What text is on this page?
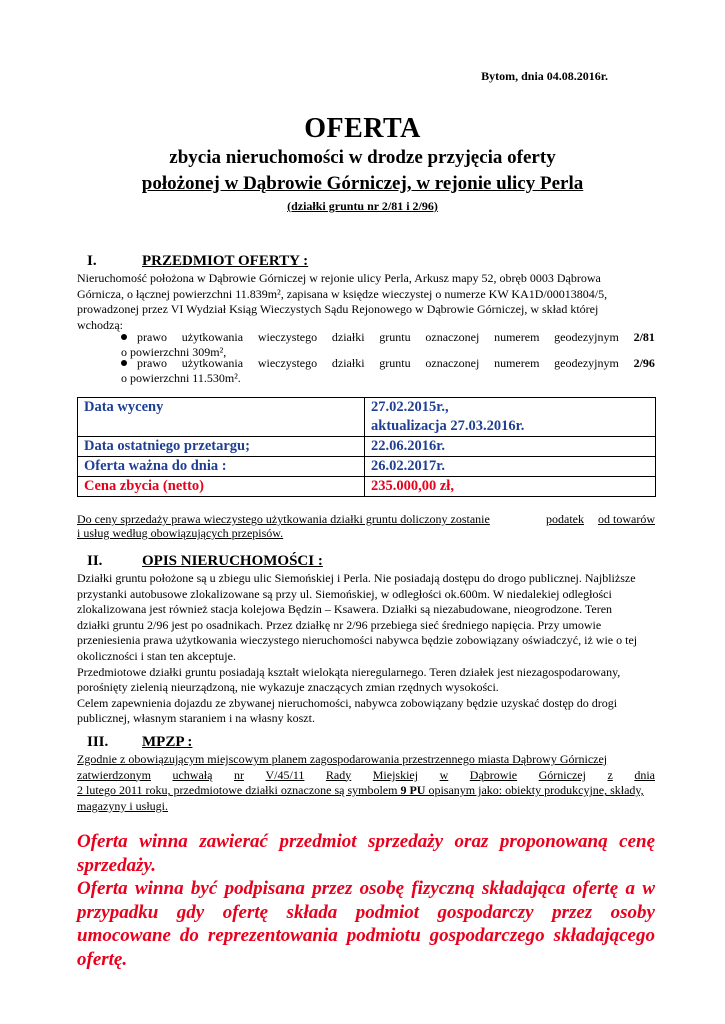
Bytom, dnia 04.08.2016r.
OFERTA
zbycia nieruchomości w drodze przyjęcia oferty
położonej w Dąbrowie Górniczej, w rejonie ulicy Perla
(działki gruntu nr 2/81 i 2/96)
I.	PRZEDMIOT OFERTY :
Nieruchomość położona w Dąbrowie Górniczej w rejonie ulicy Perla, Arkusz mapy 52, obręb 0003 Dąbrowa
Górnicza, o łącznej powierzchni 11.839m², zapisana w księdze wieczystej o numerze KW KA1D/00013804/5,
prowadzonej przez VI Wydział Ksiąg Wieczystych Sądu Rejonowego w Dąbrowie Górniczej, w skład której
wchodzą:
prawo użytkowania wieczystego działki gruntu oznaczonej numerem geodezyjnym 2/81
o powierzchni 309m²,
prawo użytkowania wieczystego działki gruntu oznaczonej numerem geodezyjnym 2/96
o powierzchni 11.530m².
Data wyceny	27.02.2015r.,
aktualizacja 27.03.2016r.

Data ostatniego przetargu;	22.06.2016r.
Oferta ważna do dnia :	26.02.2017r.
Cena zbycia (netto)	235.000,00 zł,
Do ceny sprzedaży prawa wieczystego użytkowania działki gruntu doliczony zostanie	podatek od towarów
i usług według obowiązujących przepisów.
II.	OPIS NIERUCHOMOŚCI :
Działki gruntu położone są u zbiegu ulic Siemońskiej i Perla. Nie posiadają dostępu do drogo publicznej. Najbliższe
przystanki autobusowe zlokalizowane są przy ul. Siemońskiej, w odległości ok.600m. W niedalekiej odległości
zlokalizowana jest również stacja kolejowa Będzin – Ksawera. Działki są niezabudowane, nieogrodzone. Teren
działki gruntu 2/96 jest po osadnikach. Przez działkę nr 2/96 przebiega sieć średniego napięcia. Przy umowie
przeniesienia prawa użytkowania wieczystego nieruchomości nabywca będzie zobowiązany oświadczyć, iż wie o tej
okoliczności i stan ten akceptuje.
Przedmiotowe działki gruntu posiadają kształt wielokąta nieregularnego. Teren działek jest niezagospodarowany,
porośnięty zielenią nieurządzoną, nie wykazuje znaczących zmian rzędnych wysokości.
Celem zapewnienia dojazdu ze zbywanej nieruchomości, nabywca zobowiązany będzie uzyskać dostęp do drogi
publicznej, własnym staraniem i na własny koszt.
III. MPZP :
Zgodnie z obowiązującym miejscowym planem zagospodarowania przestrzennego miasta Dąbrowy Górniczej
zatwierdzonym uchwałą nr V/45/11 Rady Miejskiej w Dąbrowie Górniczej z dnia
2 lutego 2011 roku, przedmiotowe działki oznaczone są symbolem 9 PU opisanym jako: obiekty produkcyjne, składy,
magazyny i usługi.
Oferta winna zawierać przedmiot sprzedaży oraz proponowaną cenę sprzedaży.
Oferta winna być podpisana przez osobę fizyczną składająca ofertę a w przypadku gdy ofertę składa podmiot gospodarczy przez osoby umocowane do reprezentowania podmiotu gospodarczego składającego ofertę.
